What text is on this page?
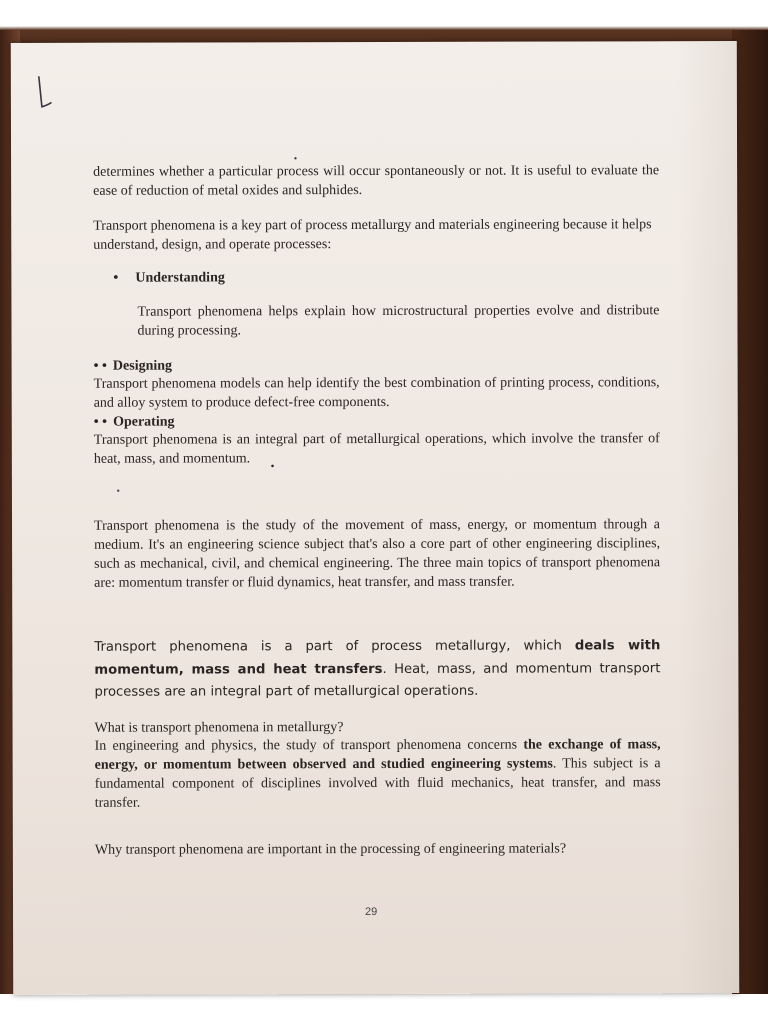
•

determines whether a particular process will occur spontaneously or not. It is useful to evaluate the ease of reduction of metal oxides and sulphides.

Transport phenomena is a key part of process metallurgy and materials engineering because it helps understand, design, and operate processes:

• Understanding

Transport phenomena helps explain how microstructural properties evolve and distribute during processing.

• • Designing

Transport phenomena models can help identify the best combination of printing process, conditions, and alloy system to produce defect-free components.

• • Operating

Transport phenomena is an integral part of metallurgical operations, which involve the transfer of heat, mass, and momentum.

•
•

Transport phenomena is the study of the movement of mass, energy, or momentum through a medium. It's an engineering science subject that's also a core part of other engineering disciplines, such as mechanical, civil, and chemical engineering. The three main topics of transport phenomena are: momentum transfer or fluid dynamics, heat transfer, and mass transfer.

Transport phenomena is a part of process metallurgy, which deals with momentum, mass and heat transfers. Heat, mass, and momentum transport processes are an integral part of metallurgical operations.

What is transport phenomena in metallurgy?

In engineering and physics, the study of transport phenomena concerns the exchange of mass, energy, or momentum between observed and studied engineering systems. This subject is a fundamental component of disciplines involved with fluid mechanics, heat transfer, and mass transfer.

Why transport phenomena are important in the processing of engineering materials?

29
